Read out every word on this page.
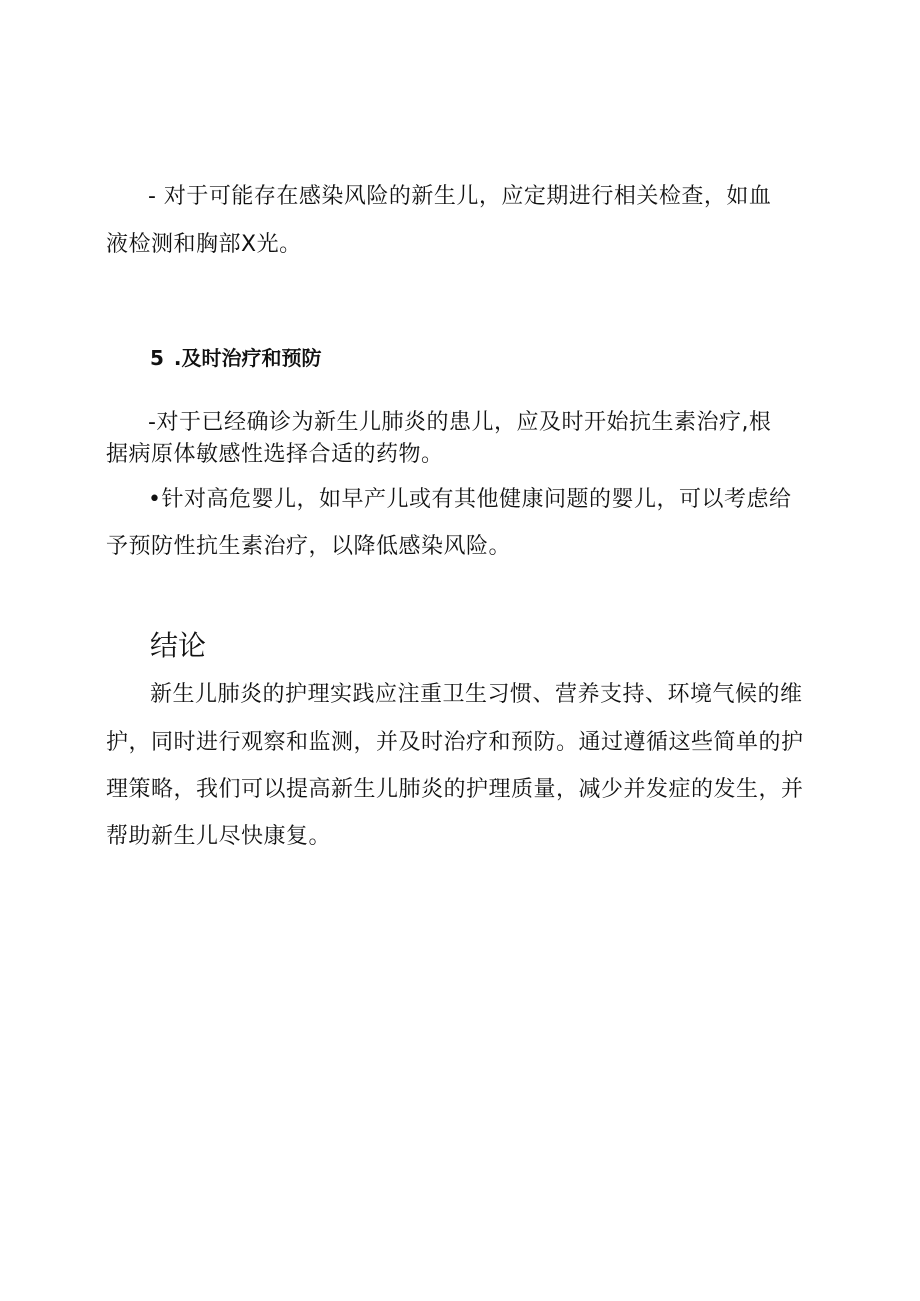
- 对于可能存在感染风险的新生儿，应定期进行相关检查，如血

液检测和胸部X光。

5 .及时治疗和预防

-对于已经确诊为新生儿肺炎的患儿，应及时开始抗生素治疗,根

据病原体敏感性选择合适的药物。

•针对高危婴儿，如早产儿或有其他健康问题的婴儿，可以考虑给

予预防性抗生素治疗，以降低感染风险。

结论

新生儿肺炎的护理实践应注重卫生习惯、营养支持、环境气候的维

护，同时进行观察和监测，并及时治疗和预防。通过遵循这些简单的护

理策略，我们可以提高新生儿肺炎的护理质量，减少并发症的发生，并

帮助新生儿尽快康复。
